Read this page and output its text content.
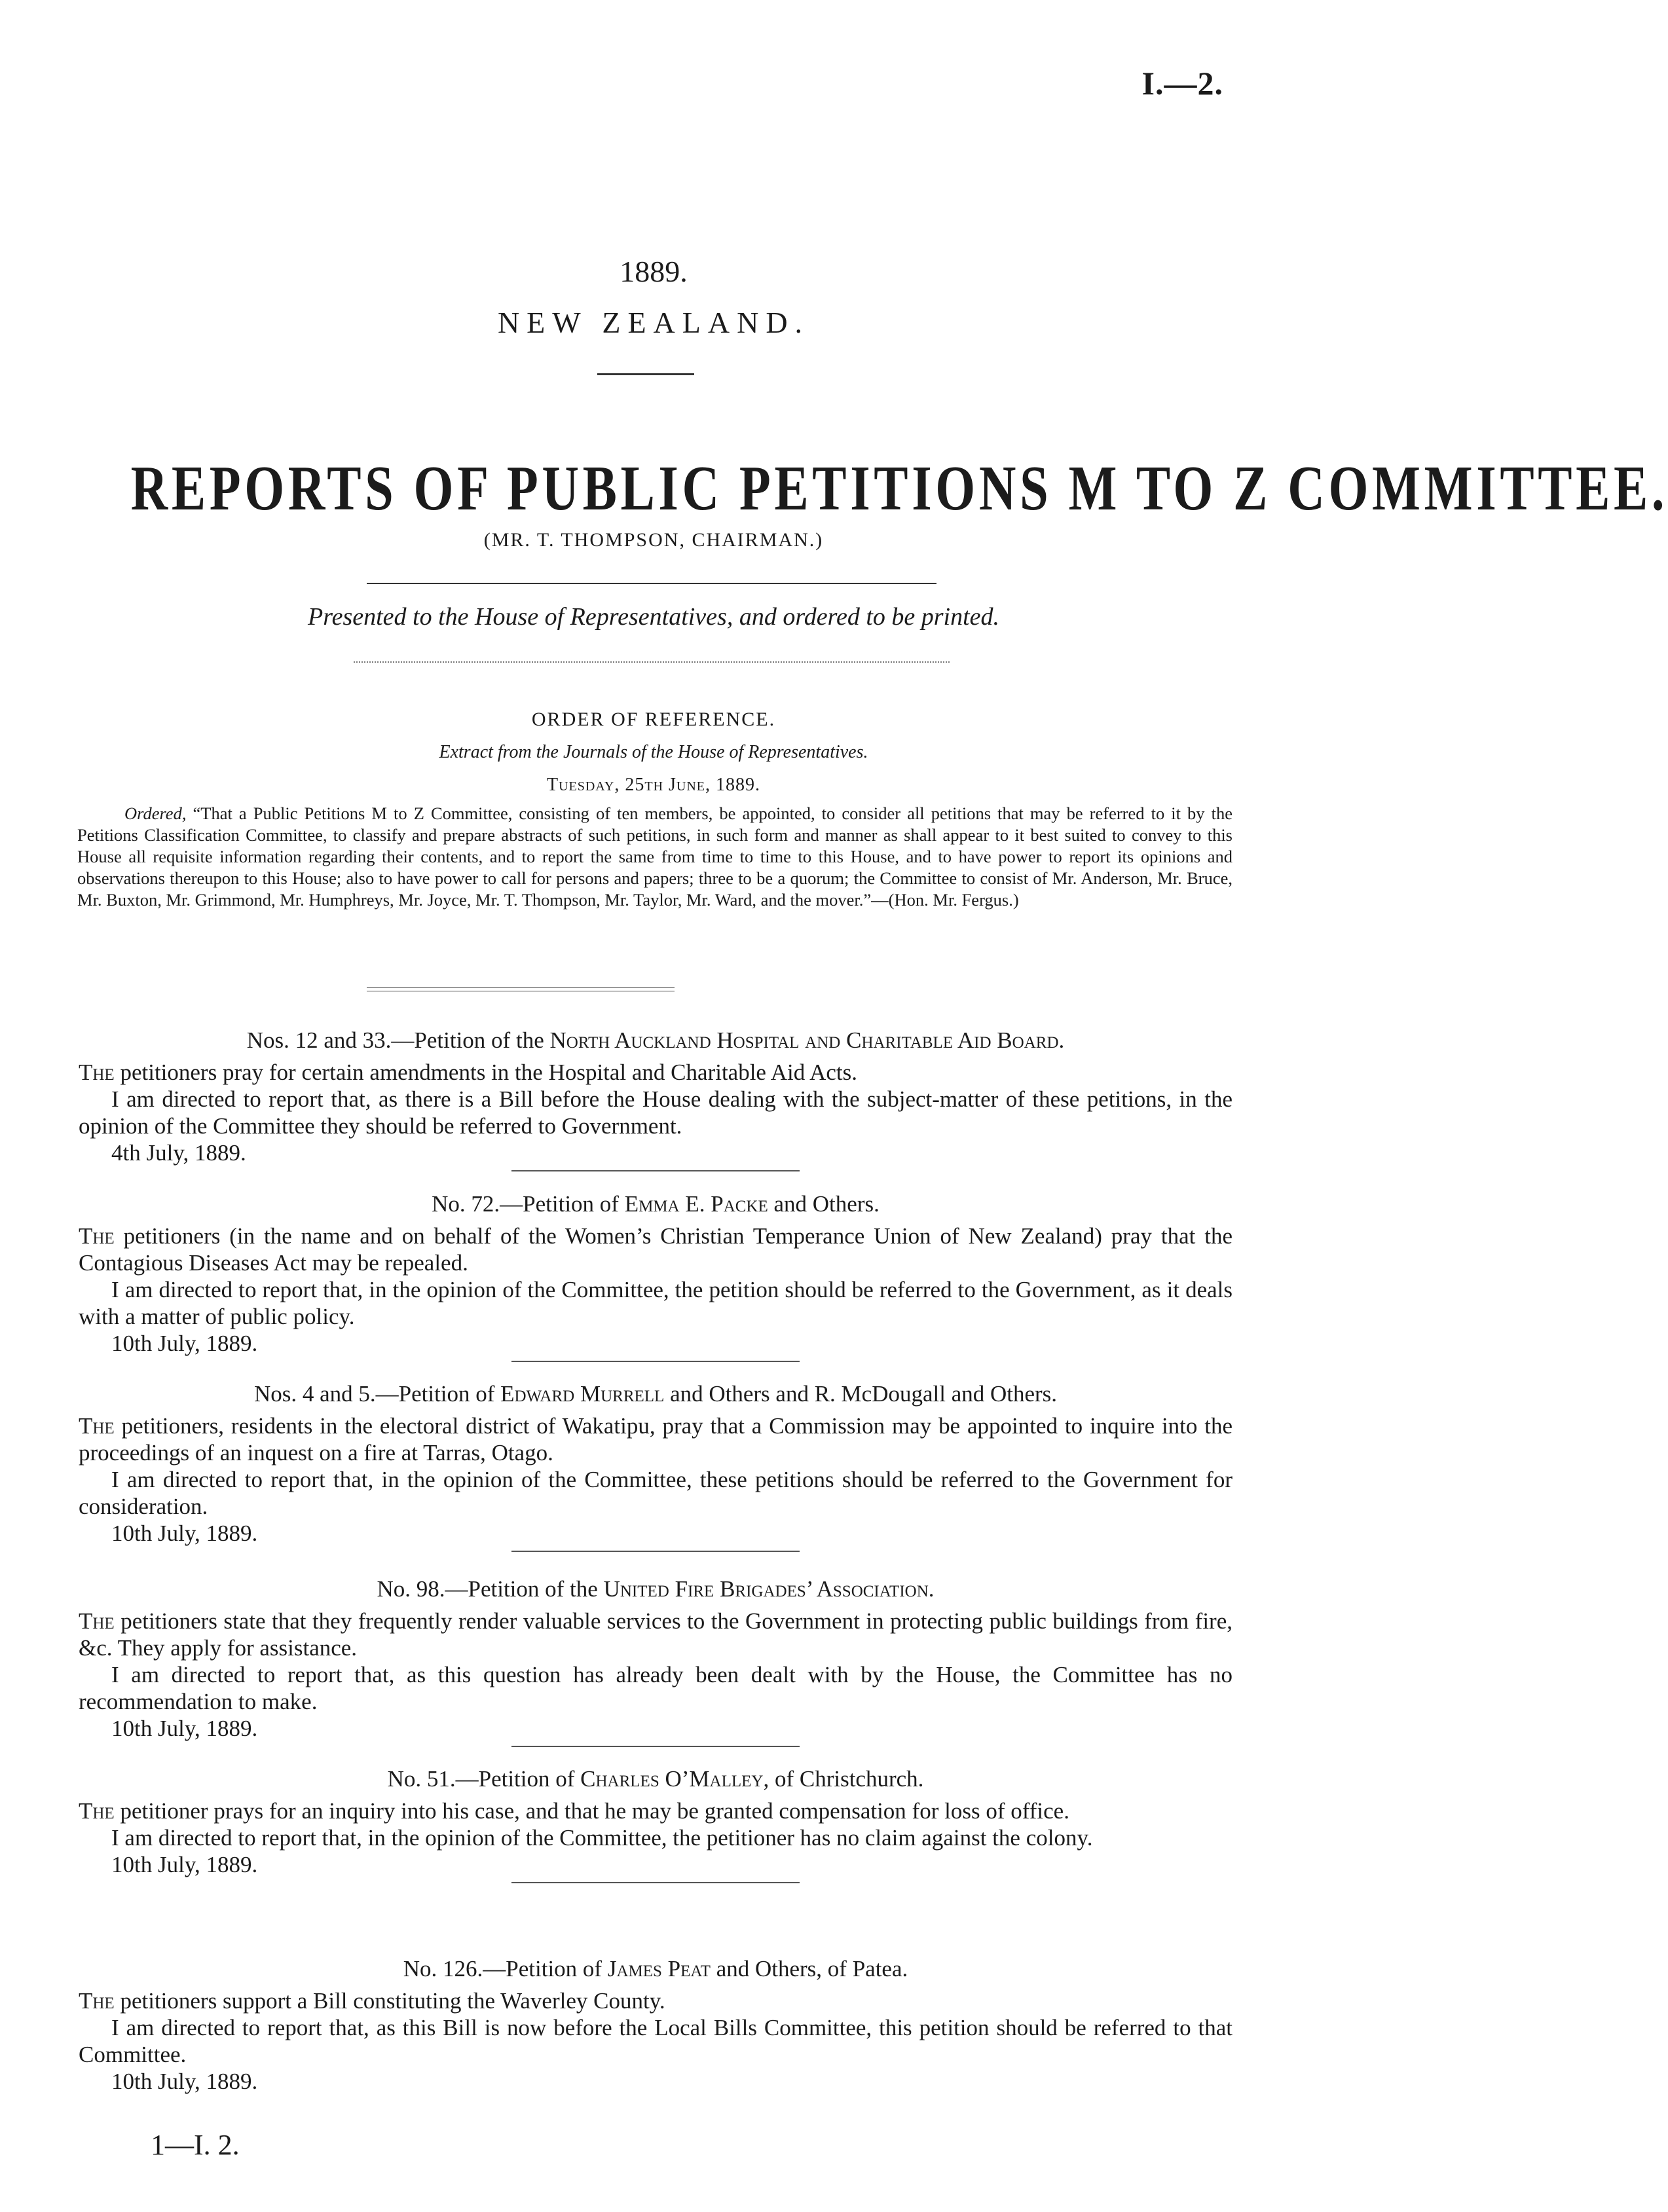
I.—2.
1889.
NEW ZEALAND.
REPORTS OF PUBLIC PETITIONS M TO Z COMMITTEE.
(MR. T. THOMPSON, CHAIRMAN.)
Presented to the House of Representatives, and ordered to be printed.
ORDER OF REFERENCE.
Extract from the Journals of the House of Representatives.
Tuesday, 25th June, 1889.
Ordered, “That a Public Petitions M to Z Committee, consisting of ten members, be appointed, to consider all petitions that may be referred to it by the Petitions Classification Committee, to classify and prepare abstracts of such petitions, in such form and manner as shall appear to it best suited to convey to this House all requisite information regarding their contents, and to report the same from time to time to this House, and to have power to report its opinions and observations thereupon to this House; also to have power to call for persons and papers; three to be a quorum; the Committee to consist of Mr. Anderson, Mr. Bruce, Mr. Buxton, Mr. Grimmond, Mr. Humphreys, Mr. Joyce, Mr. T. Thompson, Mr. Taylor, Mr. Ward, and the mover.”—(Hon. Mr. Fergus.)
Nos. 12 and 33.—Petition of the North Auckland Hospital and Charitable Aid Board.

The petitioners pray for certain amendments in the Hospital and Charitable Aid Acts.

I am directed to report that, as there is a Bill before the House dealing with the subject-matter of these petitions, in the opinion of the Committee they should be referred to Government.

4th July, 1889.

No. 72.—Petition of Emma E. Packe and Others.

The petitioners (in the name and on behalf of the Women’s Christian Temperance Union of New Zealand) pray that the Contagious Diseases Act may be repealed.

I am directed to report that, in the opinion of the Committee, the petition should be referred to the Government, as it deals with a matter of public policy.

10th July, 1889.

Nos. 4 and 5.—Petition of Edward Murrell and Others and R. McDougall and Others.

The petitioners, residents in the electoral district of Wakatipu, pray that a Commission may be appointed to inquire into the proceedings of an inquest on a fire at Tarras, Otago.

I am directed to report that, in the opinion of the Committee, these petitions should be referred to the Government for consideration.

10th July, 1889.

No. 98.—Petition of the United Fire Brigades’ Association.

The petitioners state that they frequently render valuable services to the Government in protecting public buildings from fire, &c. They apply for assistance.

I am directed to report that, as this question has already been dealt with by the House, the Committee has no recommendation to make.

10th July, 1889.

No. 51.—Petition of Charles O’Malley, of Christchurch.

The petitioner prays for an inquiry into his case, and that he may be granted compensation for loss of office.

I am directed to report that, in the opinion of the Committee, the petitioner has no claim against the colony.

10th July, 1889.

No. 126.—Petition of James Peat and Others, of Patea.

The petitioners support a Bill constituting the Waverley County.

I am directed to report that, as this Bill is now before the Local Bills Committee, this petition should be referred to that Committee.

10th July, 1889.

1—I. 2.
